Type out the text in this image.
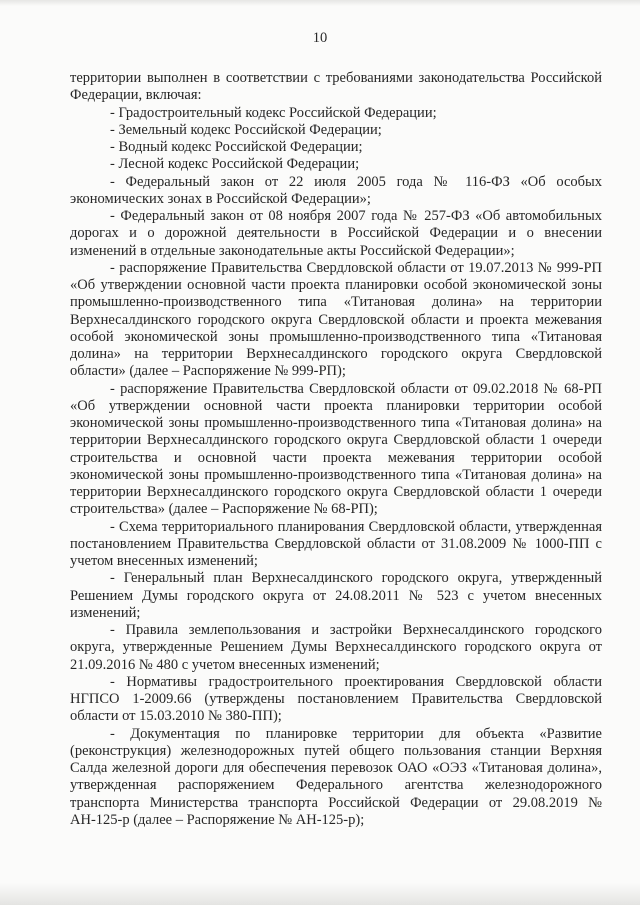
10

территории выполнен в соответствии с требованиями законодательства Российской Федерации, включая:

- Градостроительный кодекс Российской Федерации;

- Земельный кодекс Российской Федерации;

- Водный кодекс Российской Федерации;

- Лесной кодекс Российской Федерации;

- Федеральный закон от 22 июля 2005 года № 116-ФЗ «Об особых экономических зонах в Российской Федерации»;

- Федеральный закон от 08 ноября 2007 года № 257-ФЗ «Об автомобильных дорогах и о дорожной деятельности в Российской Федерации и о внесении изменений в отдельные законодательные акты Российской Федерации»;

- распоряжение Правительства Свердловской области от 19.07.2013 № 999-РП «Об утверждении основной части проекта планировки особой экономической зоны промышленно-производственного типа «Титановая долина» на территории Верхнесалдинского городского округа Свердловской области и проекта межевания особой экономической зоны промышленно-производственного типа «Титановая долина» на территории Верхнесалдинского городского округа Свердловской области» (далее – Распоряжение № 999-РП);

- распоряжение Правительства Свердловской области от 09.02.2018 № 68-РП «Об утверждении основной части проекта планировки территории особой экономической зоны промышленно-производственного типа «Титановая долина» на территории Верхнесалдинского городского округа Свердловской области 1 очереди строительства и основной части проекта межевания территории особой экономической зоны промышленно-производственного типа «Титановая долина» на территории Верхнесалдинского городского округа Свердловской области 1 очереди строительства» (далее – Распоряжение № 68-РП);

- Схема территориального планирования Свердловской области, утвержденная постановлением Правительства Свердловской области от 31.08.2009 № 1000-ПП с учетом внесенных изменений;

- Генеральный план Верхнесалдинского городского округа, утвержденный Решением Думы городского округа от 24.08.2011 № 523 с учетом внесенных изменений;

- Правила землепользования и застройки Верхнесалдинского городского округа, утвержденные Решением Думы Верхнесалдинского городского округа от 21.09.2016 № 480 с учетом внесенных изменений;

- Нормативы градостроительного проектирования Свердловской области НГПСО 1-2009.66 (утверждены постановлением Правительства Свердловской области от 15.03.2010 № 380-ПП);

- Документация по планировке территории для объекта «Развитие (реконструкция) железнодорожных путей общего пользования станции Верхняя Салда железной дороги для обеспечения перевозок ОАО «ОЭЗ «Титановая долина», утвержденная распоряжением Федерального агентства железнодорожного транспорта Министерства транспорта Российской Федерации от 29.08.2019 № АН-125-р (далее – Распоряжение № АН-125-р);
